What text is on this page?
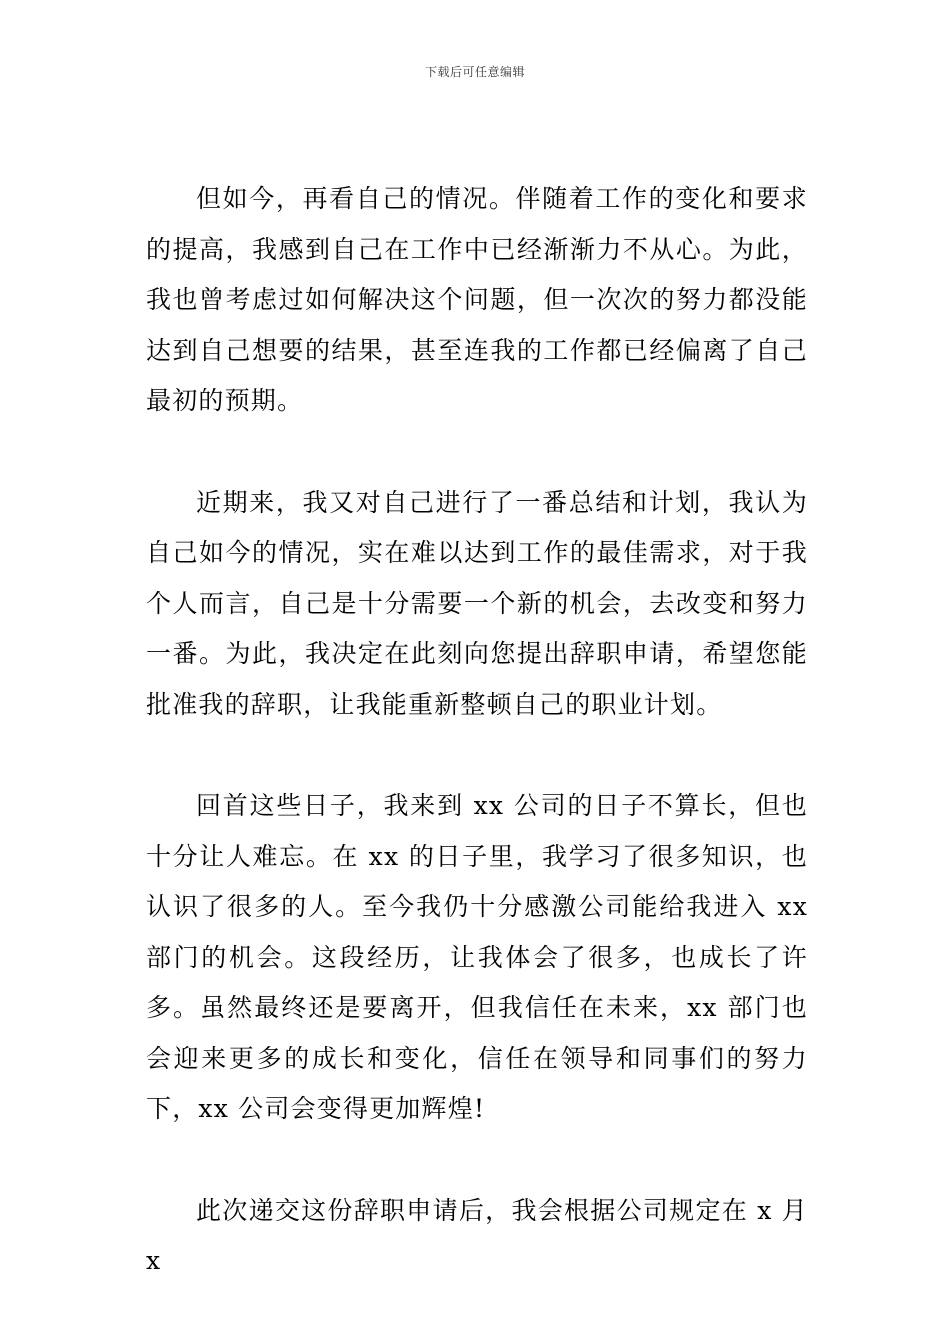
下载后可任意编辑

但如今，再看自己的情况。伴随着工作的变化和要求的提高，我感到自己在工作中已经渐渐力不从心。为此，我也曾考虑过如何解决这个问题，但一次次的努力都没能达到自己想要的结果，甚至连我的工作都已经偏离了自己最初的预期。

近期来，我又对自己进行了一番总结和计划，我认为自己如今的情况，实在难以达到工作的最佳需求，对于我个人而言，自己是十分需要一个新的机会，去改变和努力一番。为此，我决定在此刻向您提出辞职申请，希望您能批准我的辞职，让我能重新整顿自己的职业计划。

回首这些日子，我来到 xx 公司的日子不算长，但也十分让人难忘。在 xx 的日子里，我学习了很多知识，也认识了很多的人。至今我仍十分感激公司能给我进入 xx 部门的机会。这段经历，让我体会了很多，也成长了许多。虽然最终还是要离开，但我信任在未来，xx 部门也会迎来更多的成长和变化，信任在领导和同事们的努力下，xx 公司会变得更加辉煌!

此次递交这份辞职申请后，我会根据公司规定在 x 月 x
